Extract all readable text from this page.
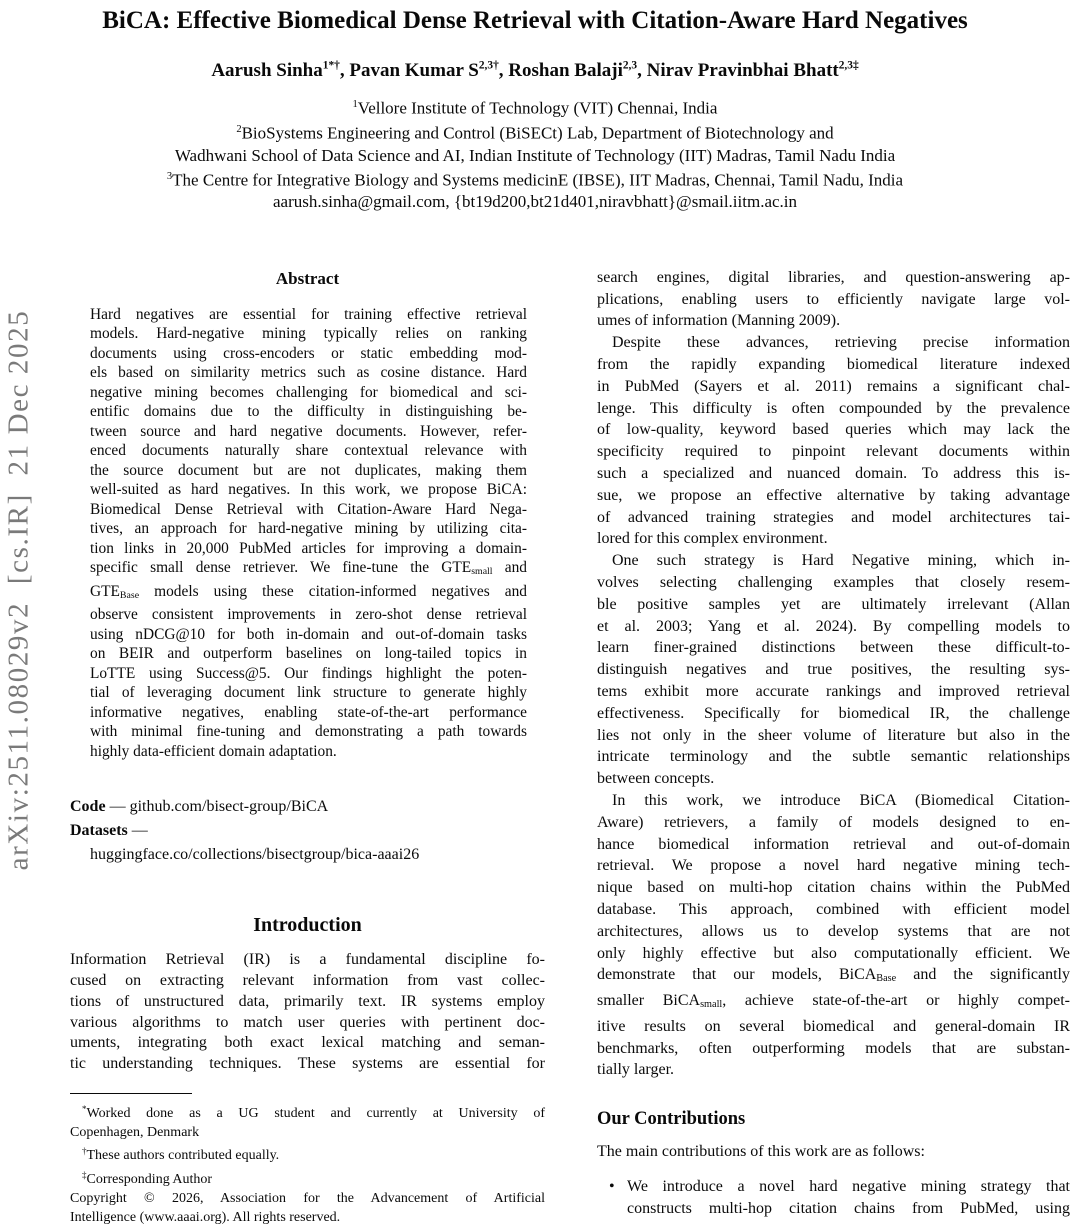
arXiv:2511.08029v2  [cs.IR]  21 Dec 2025
BiCA: Effective Biomedical Dense Retrieval with Citation-Aware Hard Negatives
Aarush Sinha$^{1*\dagger}$, Pavan Kumar $S^{2,3\dagger}$, Roshan Balaji$^{2,3}$, Nirav Pravinbhai Bhatt$^{2,3\ddagger}$
$^1$Vellore Institute of Technology (VIT) Chennai, India
$^2$BioSystems Engineering and Control (BiSECt) Lab, Department of Biotechnology and
Wadhwani School of Data Science and AI, Indian Institute of Technology (IIT) Madras, Tamil Nadu India
$^3$The Centre for Integrative Biology and Systems medicinE (IBSE), IIT Madras, Chennai, Tamil Nadu, India
aarush.sinha@gmail.com, {bt19d200,bt21d401,niravbhatt}@smail.iitm.ac.in
Abstract
Hard negatives are essential for training effective retrieval
models. Hard-negative mining typically relies on ranking
documents using cross-encoders or static embedding mod-
els based on similarity metrics such as cosine distance. Hard
negative mining becomes challenging for biomedical and sci-
entific domains due to the difficulty in distinguishing be-
tween source and hard negative documents. However, refer-
enced documents naturally share contextual relevance with
the source document but are not duplicates, making them
well-suited as hard negatives. In this work, we propose BiCA:
Biomedical Dense Retrieval with Citation-Aware Hard Nega-
tives, an approach for hard-negative mining by utilizing cita-
tion links in 20,000 PubMed articles for improving a domain-
specific small dense retriever. We fine-tune the GTEsmall and
GTEBase models using these citation-informed negatives and
observe consistent improvements in zero-shot dense retrieval
using nDCG@10 for both in-domain and out-of-domain tasks
on BEIR and outperform baselines on long-tailed topics in
LoTTE using Success@5. Our findings highlight the poten-
tial of leveraging document link structure to generate highly
informative negatives, enabling state-of-the-art performance
with minimal fine-tuning and demonstrating a path towards
highly data-efficient domain adaptation.
Code — github.com/bisect-group/BiCA
Datasets —
huggingface.co/collections/bisectgroup/bica-aaai26
Introduction
Information Retrieval (IR) is a fundamental discipline fo-
cused on extracting relevant information from vast collec-
tions of unstructured data, primarily text. IR systems employ
various algorithms to match user queries with pertinent doc-
uments, integrating both exact lexical matching and seman-
tic understanding techniques. These systems are essential for
*Worked done as a UG student and currently at University of
Copenhagen, Denmark
†These authors contributed equally.
‡Corresponding Author
Copyright © 2026, Association for the Advancement of Artificial
Intelligence (www.aaai.org). All rights reserved.
search engines, digital libraries, and question-answering ap-
plications, enabling users to efficiently navigate large vol-
umes of information (Manning 2009).
Despite these advances, retrieving precise information
from the rapidly expanding biomedical literature indexed
in PubMed (Sayers et al. 2011) remains a significant chal-
lenge. This difficulty is often compounded by the prevalence
of low-quality, keyword based queries which may lack the
specificity required to pinpoint relevant documents within
such a specialized and nuanced domain. To address this is-
sue, we propose an effective alternative by taking advantage
of advanced training strategies and model architectures tai-
lored for this complex environment.
One such strategy is Hard Negative mining, which in-
volves selecting challenging examples that closely resem-
ble positive samples yet are ultimately irrelevant (Allan
et al. 2003; Yang et al. 2024). By compelling models to
learn finer-grained distinctions between these difficult-to-
distinguish negatives and true positives, the resulting sys-
tems exhibit more accurate rankings and improved retrieval
effectiveness. Specifically for biomedical IR, the challenge
lies not only in the sheer volume of literature but also in the
intricate terminology and the subtle semantic relationships
between concepts.
In this work, we introduce BiCA (Biomedical Citation-
Aware) retrievers, a family of models designed to en-
hance biomedical information retrieval and out-of-domain
retrieval. We propose a novel hard negative mining tech-
nique based on multi-hop citation chains within the PubMed
database. This approach, combined with efficient model
architectures, allows us to develop systems that are not
only highly effective but also computationally efficient. We
demonstrate that our models, BiCABase and the significantly
smaller BiCAsmall, achieve state-of-the-art or highly compet-
itive results on several biomedical and general-domain IR
benchmarks, often outperforming models that are substan-
tially larger.
Our Contributions
The main contributions of this work are as follows:
• We introduce a novel hard negative mining strategy that
constructs multi-hop citation chains from PubMed, using
